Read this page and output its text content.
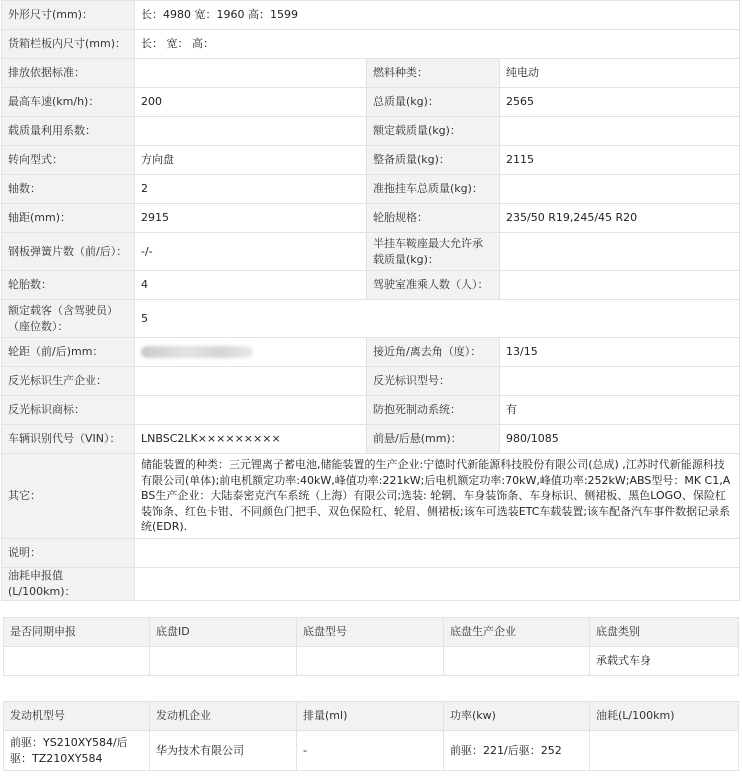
外形尺寸(mm)：	长：4980 宽：1960 高：1599		
货箱栏板内尺寸(mm)：	长： 宽： 高：		
排放依据标准：		燃料种类：	纯电动
最高车速(km/h)：	200	总质量(kg)：	2565
载质量利用系数：		额定载质量(kg)：	
转向型式：	方向盘	整备质量(kg)：	2115
轴数：	2	准拖挂车总质量(kg)：	
轴距(mm)：	2915	轮胎规格：	235/50 R19,245/45 R20
钢板弹簧片数（前/后）：	-/-	半挂车鞍座最大允许承载质量(kg)：	
轮胎数：	4	驾驶室准乘人数（人）：	
额定载客（含驾驶员）（座位数）：	5		
轮距（前/后)mm：		接近角/离去角（度）：	13/15
反光标识生产企业：		反光标识型号：	
反光标识商标：		防抱死制动系统：	有
车辆识别代号（VIN）：	LNBSC2LK×××××××××	前悬/后悬(mm)：	980/1085
其它：	储能装置的种类：三元锂离子蓄电池,储能装置的生产企业:宁德时代新能源科技股份有限公司(总成) ,江苏时代新能源科技有限公司(单体);前电机额定功率:40kW,峰值功率:221kW;后电机额定功率:70kW,峰值功率:252kW;ABS型号：MK C1,ABS生产企业：大陆泰密克汽车系统（上海）有限公司;选装: 轮辋、车身装饰条、车身标识、侧裙板、黑色LOGO、保险杠装饰条、红色卡钳、不同颜色门把手、双色保险杠、轮眉、侧裙板;该车可选装ETC车载装置;该车配备汽车事件数据记录系统(EDR).		
说明：			
油耗申报值(L/100km)：			
是否同期申报	底盘ID	底盘型号	底盘生产企业	底盘类别
				承载式车身
发动机型号	发动机企业	排量(ml)	功率(kw)	油耗(L/100km)
前驱：YS210XY584/后驱：TZ210XY584	华为技术有限公司	-	前驱：221/后驱：252	
